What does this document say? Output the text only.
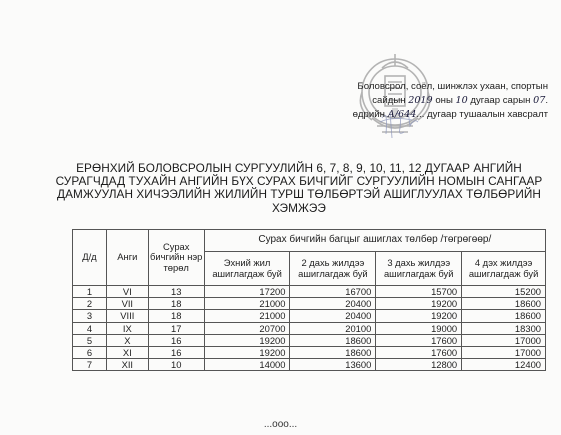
Боловсрол, соёл, шинжлэх ухаан, спортын
сайдын 2019 оны 10 дугаар сарын 07.
өдрийн А/644... дугаар тушаалын хавсралт
ЕРӨНХИЙ БОЛОВСРОЛЫН СУРГУУЛИЙН 6, 7, 8, 9, 10, 11, 12 ДУГААР АНГИЙН СУРАГЧДАД ТУХАЙН АНГИЙН БҮХ СУРАХ БИЧГИЙГ СУРГУУЛИЙН НОМЫН САНГААР ДАМЖУУЛАН ХИЧЭЭЛИЙН ЖИЛИЙН ТУРШ ТӨЛБӨРТЭЙ АШИГЛУУЛАХ ТӨЛБӨРИЙН ХЭМЖЭЭ
Д/д	Анги	Сурах бичгийн нэр төрөл	Сурах бичгийн багцыг ашиглах төлбөр /төгрөгөөр/			
			Эхний жил ашиглагдаж буй	2 дахь жилдээ ашиглагдаж буй	3 дахь жилдээ ашиглагдаж буй	4 дэх жилдээ ашиглагдаж буй
1	VI	13	17200	16700	15700	15200
2	VII	18	21000	20400	19200	18600
3	VIII	18	21000	20400	19200	18600
4	IX	17	20700	20100	19000	18300
5	X	16	19200	18600	17600	17000
6	XI	16	19200	18600	17600	17000
7	XII	10	14000	13600	12800	12400
...ooo...
